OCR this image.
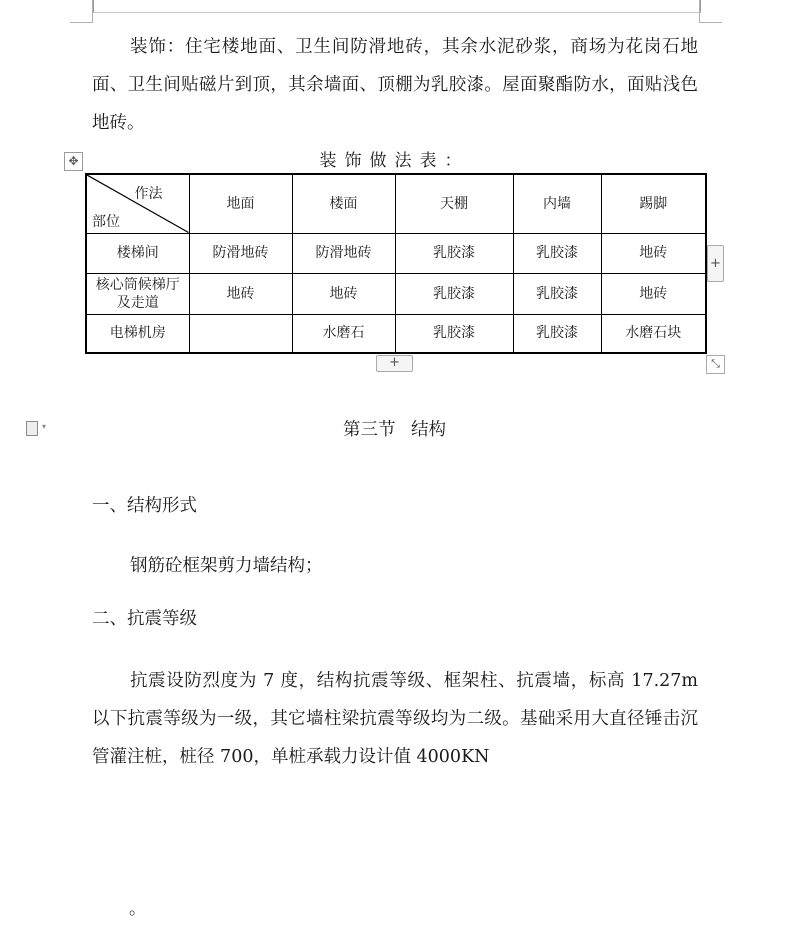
装饰：住宅楼地面、卫生间防滑地砖，其余水泥砂浆，商场为花岗石地面、卫生间贴磁片到顶，其余墙面、顶棚为乳胶漆。屋面聚酯防水，面贴浅色地砖。

✥	装饰做法表：
作法
部位	地面	楼面	天棚	内墙	踢脚
楼梯间	防滑地砖	防滑地砖	乳胶漆	乳胶漆	地砖
核心筒候梯厅及走道	地砖	地砖	乳胶漆	乳胶漆	地砖
电梯机房		水磨石	乳胶漆	乳胶漆	水磨石块
+
+	⤡
▾	第三节 结构
一、结构形式

钢筋砼框架剪力墙结构；

二、抗震等级

抗震设防烈度为 7 度，结构抗震等级、框架柱、抗震墙，标高 17.27m 以下抗震等级为一级，其它墙柱梁抗震等级均为二级。基础采用大直径锤击沉管灌注桩，桩径 700，单桩承载力设计值 4000KN

。
